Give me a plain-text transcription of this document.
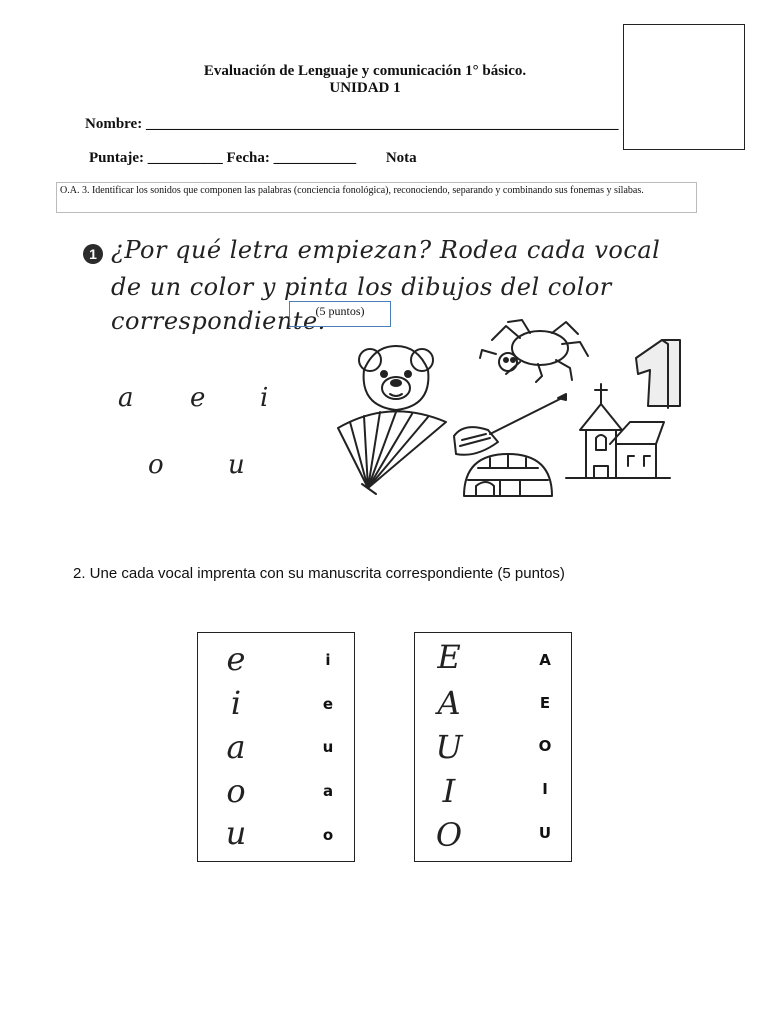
Evaluación de Lenguaje y comunicación 1° básico.
UNIDAD 1
Nombre: _______________________________________________________________
Puntaje: __________ Fecha: ___________ Nota
O.A. 3. Identificar los sonidos que componen las palabras (conciencia fonológica), reconociendo, separando y combinando sus fonemas y sílabas.
1 ¿Por qué letra empiezan? Rodea cada vocal
de un color y pinta los dibujos del color
correspondiente.
(5 puntos)
a e i
o u
2. Une cada vocal imprenta con su manuscrita correspondiente (5 puntos)
e
i
a
o
u
i
e
u
a
o
E
A
U
I
O
A
E
O
I
U
